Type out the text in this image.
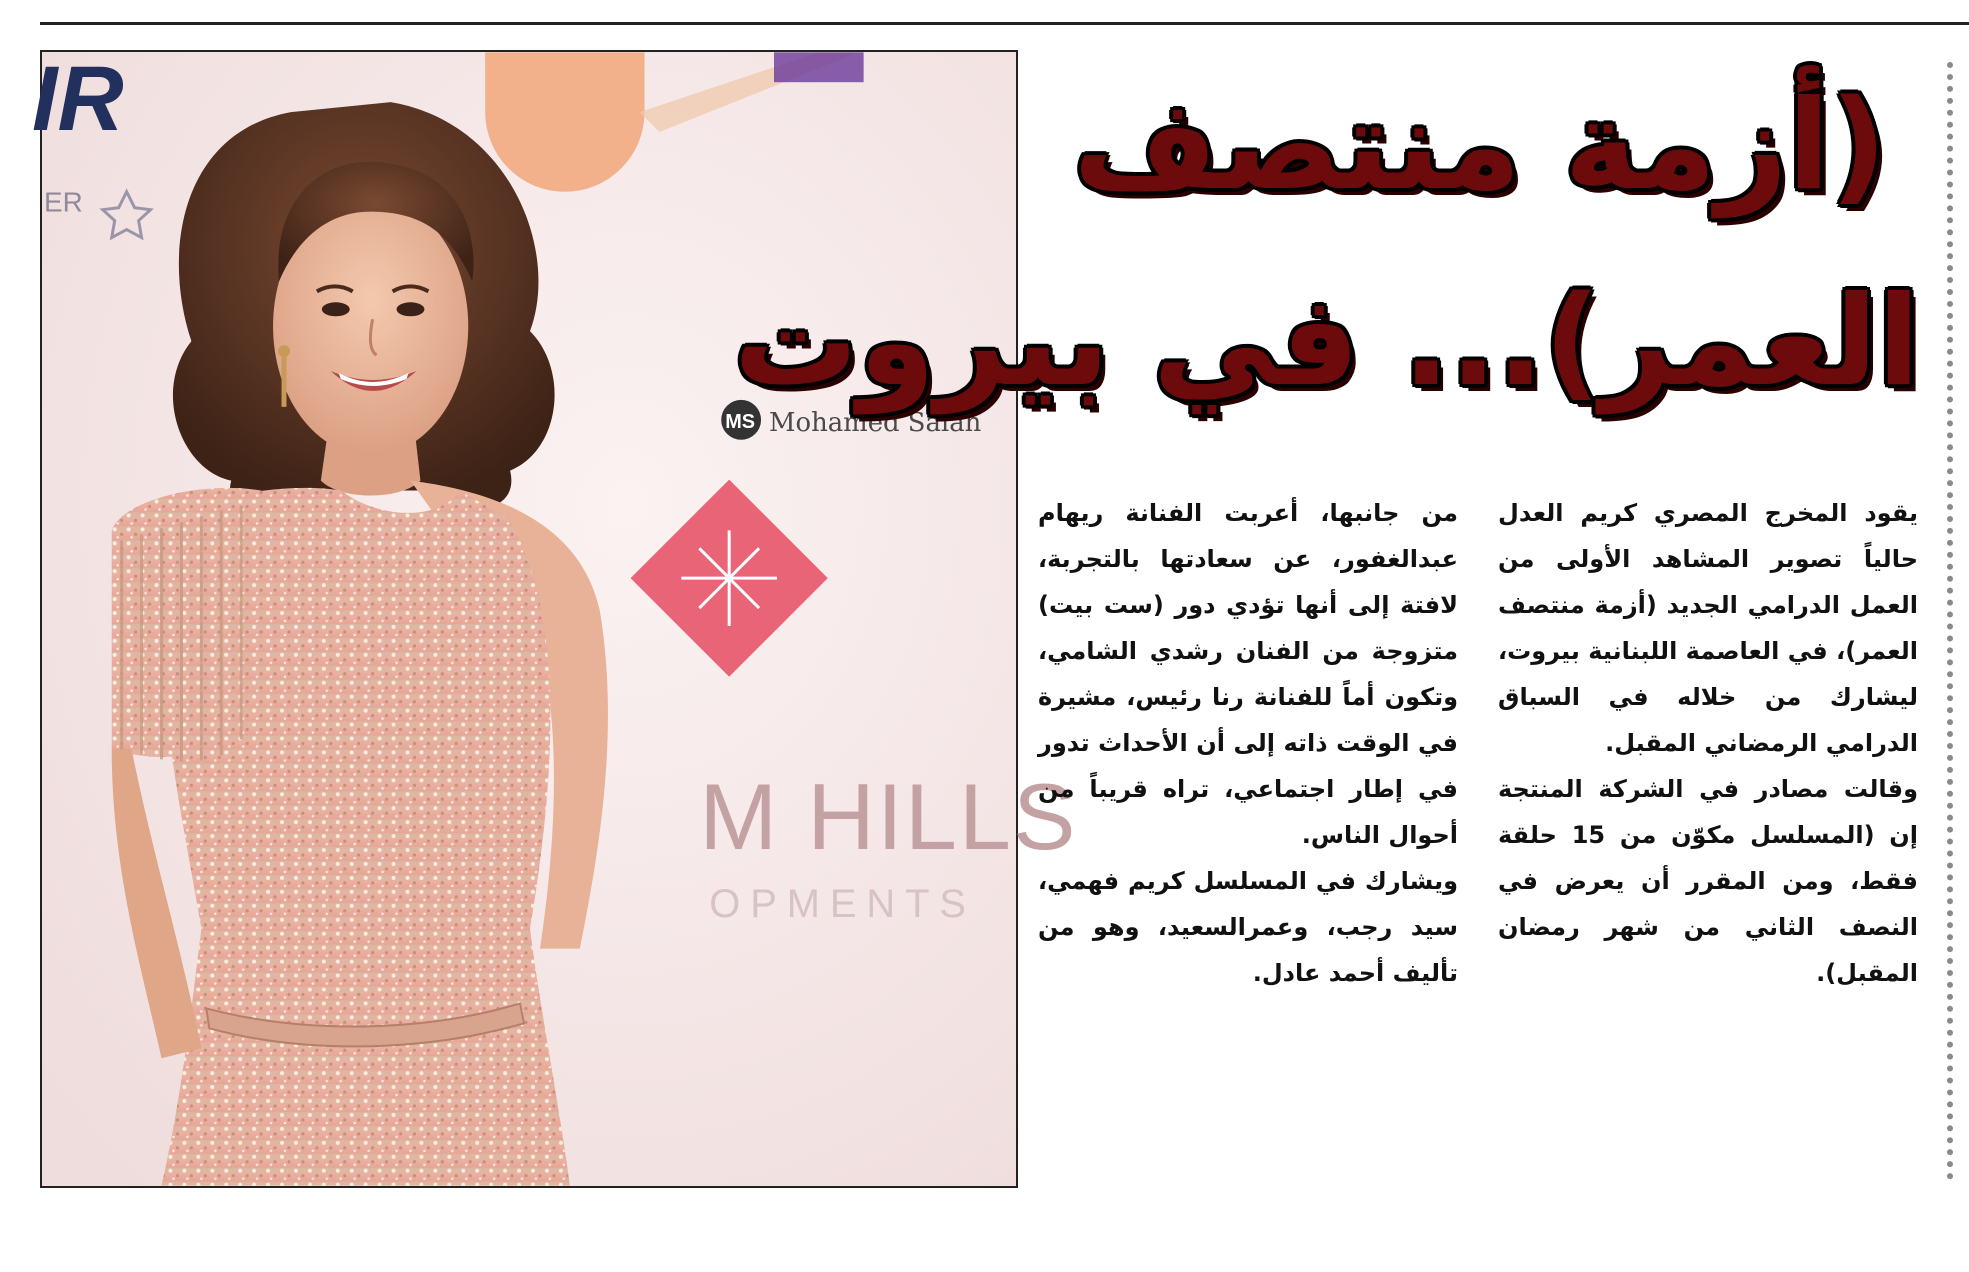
IR
ER
M HILLS
OPMENTS
MS Mohamed Salah
(أزمة منتصف
العمر)... في بيروت

يقود المخرج المصري كريم العدل حالياً تصوير المشاهد الأولى من العمل الدرامي الجديد (أزمة منتصف العمر)، في العاصمة اللبنانية بيروت، ليشارك من خلاله في السباق الدرامي الرمضاني المقبل.

وقالت مصادر في الشركة المنتجة إن (المسلسل مكوّن من 15 حلقة فقط، ومن المقرر أن يعرض في النصف الثاني من شهر رمضان المقبل).

من جانبها، أعربت الفنانة ريهام عبدالغفور، عن سعادتها بالتجربة، لافتة إلى أنها تؤدي دور (ست بيت) متزوجة من الفنان رشدي الشامي، وتكون أماً للفنانة رنا رئيس، مشيرة في الوقت ذاته إلى أن الأحداث تدور في إطار اجتماعي، تراه قريباً من أحوال الناس.

ويشارك في المسلسل كريم فهمي، سيد رجب، وعمرالسعيد، وهو من تأليف أحمد عادل.
